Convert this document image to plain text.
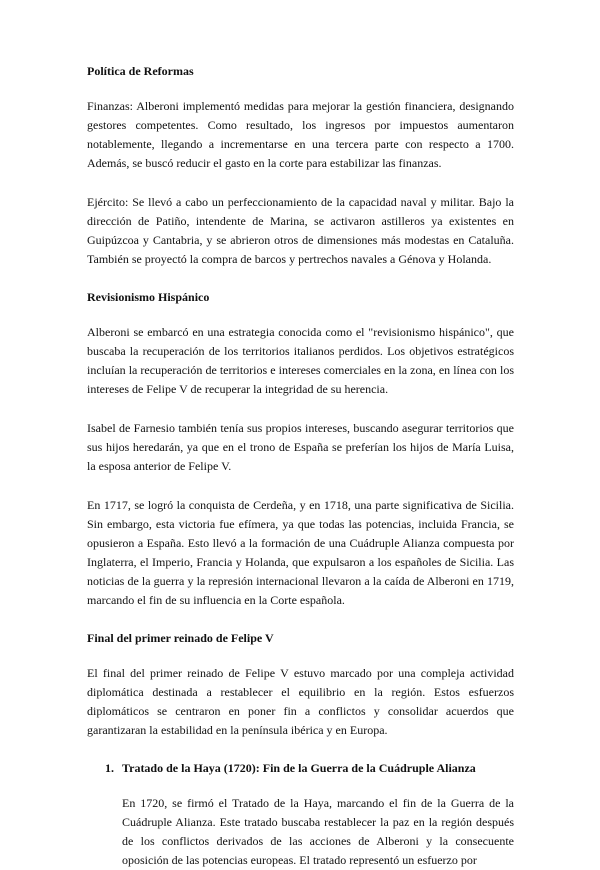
Política de Reformas

Finanzas: Alberoni implementó medidas para mejorar la gestión financiera, designando gestores competentes. Como resultado, los ingresos por impuestos aumentaron notablemente, llegando a incrementarse en una tercera parte con respecto a 1700. Además, se buscó reducir el gasto en la corte para estabilizar las finanzas.

Ejército: Se llevó a cabo un perfeccionamiento de la capacidad naval y militar. Bajo la dirección de Patiño, intendente de Marina, se activaron astilleros ya existentes en Guipúzcoa y Cantabria, y se abrieron otros de dimensiones más modestas en Cataluña. También se proyectó la compra de barcos y pertrechos navales a Génova y Holanda.

Revisionismo Hispánico

Alberoni se embarcó en una estrategia conocida como el "revisionismo hispánico", que buscaba la recuperación de los territorios italianos perdidos. Los objetivos estratégicos incluían la recuperación de territorios e intereses comerciales en la zona, en línea con los intereses de Felipe V de recuperar la integridad de su herencia.

Isabel de Farnesio también tenía sus propios intereses, buscando asegurar territorios que sus hijos heredarán, ya que en el trono de España se preferían los hijos de María Luisa, la esposa anterior de Felipe V.

En 1717, se logró la conquista de Cerdeña, y en 1718, una parte significativa de Sicilia. Sin embargo, esta victoria fue efímera, ya que todas las potencias, incluida Francia, se opusieron a España. Esto llevó a la formación de una Cuádruple Alianza compuesta por Inglaterra, el Imperio, Francia y Holanda, que expulsaron a los españoles de Sicilia. Las noticias de la guerra y la represión internacional llevaron a la caída de Alberoni en 1719, marcando el fin de su influencia en la Corte española.

Final del primer reinado de Felipe V

El final del primer reinado de Felipe V estuvo marcado por una compleja actividad diplomática destinada a restablecer el equilibrio en la región. Estos esfuerzos diplomáticos se centraron en poner fin a conflictos y consolidar acuerdos que garantizaran la estabilidad en la península ibérica y en Europa.

1. Tratado de la Haya (1720): Fin de la Guerra de la Cuádruple Alianza

En 1720, se firmó el Tratado de la Haya, marcando el fin de la Guerra de la Cuádruple Alianza. Este tratado buscaba restablecer la paz en la región después de los conflictos derivados de las acciones de Alberoni y la consecuente oposición de las potencias europeas. El tratado representó un esfuerzo por
